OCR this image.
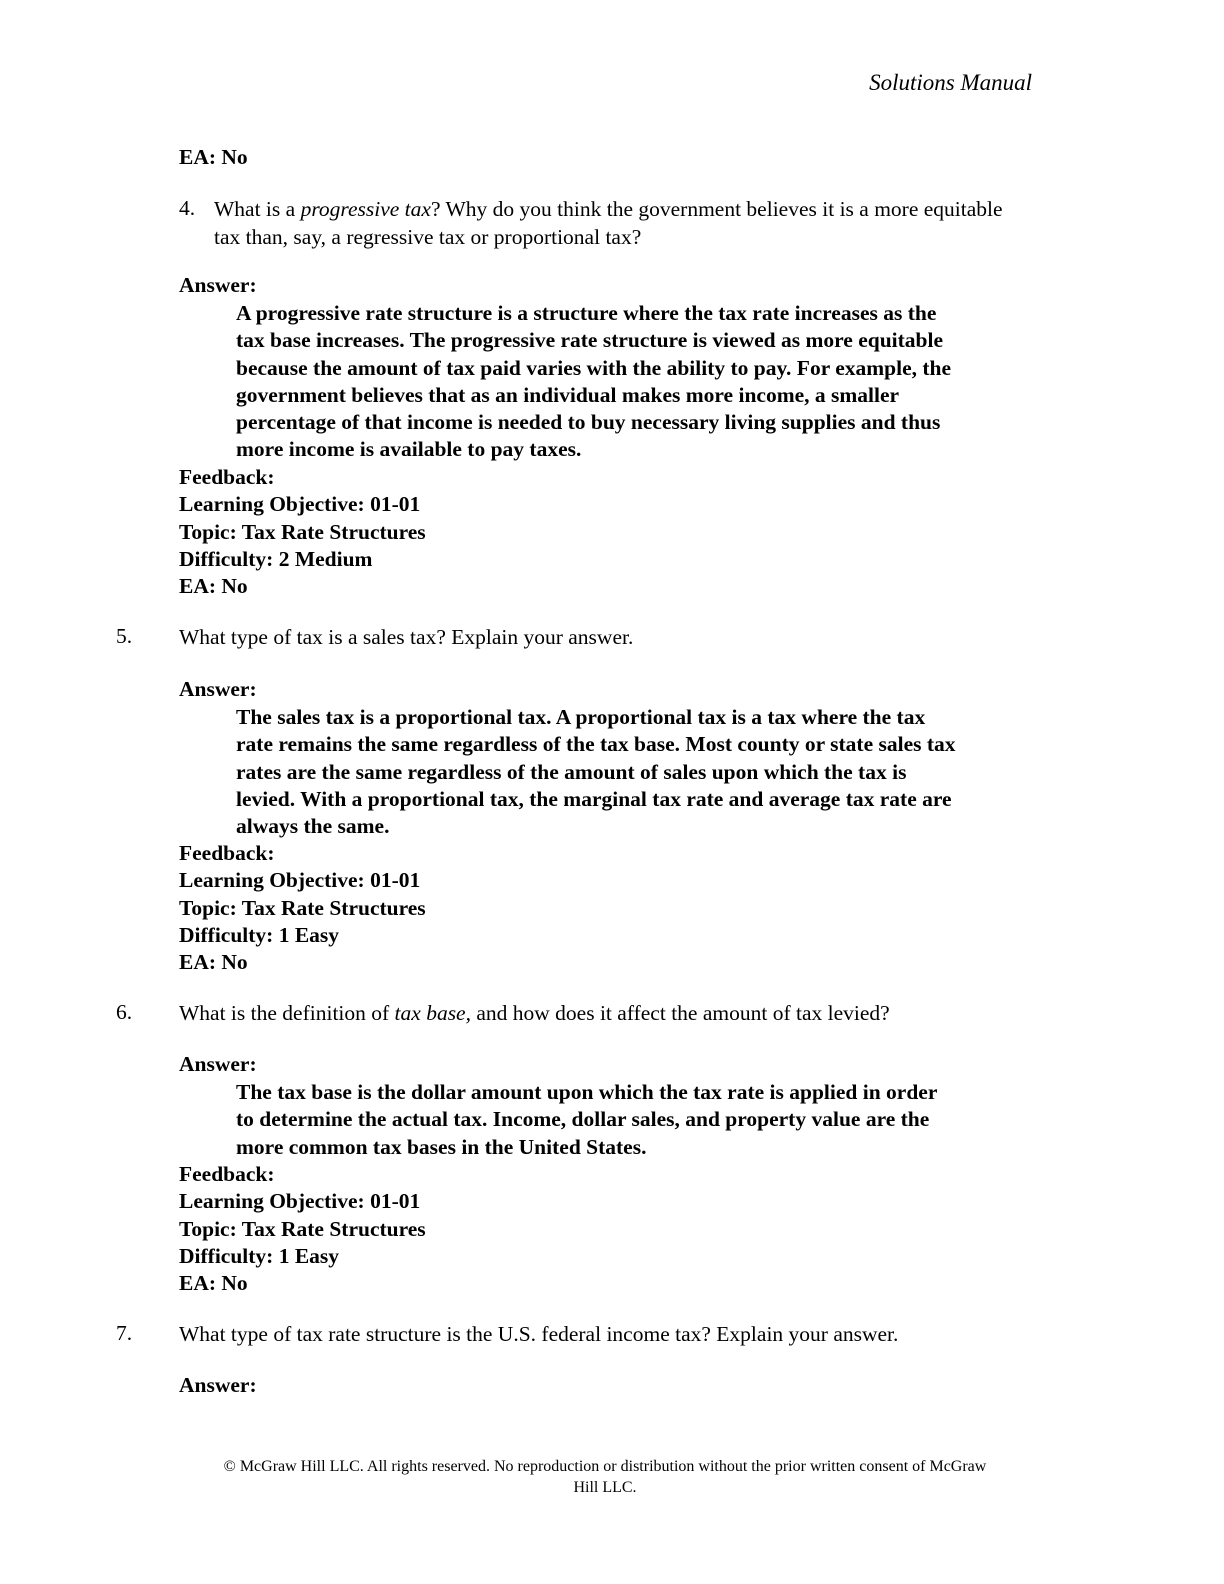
Solutions Manual
EA: No
4. What is a progressive tax? Why do you think the government believes it is a more equitable tax than, say, a regressive tax or proportional tax?
Answer:
A progressive rate structure is a structure where the tax rate increases as the
tax base increases. The progressive rate structure is viewed as more equitable
because the amount of tax paid varies with the ability to pay. For example, the
government believes that as an individual makes more income, a smaller
percentage of that income is needed to buy necessary living supplies and thus
more income is available to pay taxes.
Feedback:
Learning Objective: 01-01
Topic: Tax Rate Structures
Difficulty: 2 Medium
EA: No
5. What type of tax is a sales tax? Explain your answer.
Answer:
The sales tax is a proportional tax. A proportional tax is a tax where the tax
rate remains the same regardless of the tax base. Most county or state sales tax
rates are the same regardless of the amount of sales upon which the tax is
levied. With a proportional tax, the marginal tax rate and average tax rate are
always the same.
Feedback:
Learning Objective: 01-01
Topic: Tax Rate Structures
Difficulty: 1 Easy
EA: No
6. What is the definition of tax base, and how does it affect the amount of tax levied?
Answer:
The tax base is the dollar amount upon which the tax rate is applied in order
to determine the actual tax. Income, dollar sales, and property value are the
more common tax bases in the United States.
Feedback:
Learning Objective: 01-01
Topic: Tax Rate Structures
Difficulty: 1 Easy
EA: No
7. What type of tax rate structure is the U.S. federal income tax? Explain your answer.
Answer:
© McGraw Hill LLC. All rights reserved. No reproduction or distribution without the prior written consent of McGraw
Hill LLC.
